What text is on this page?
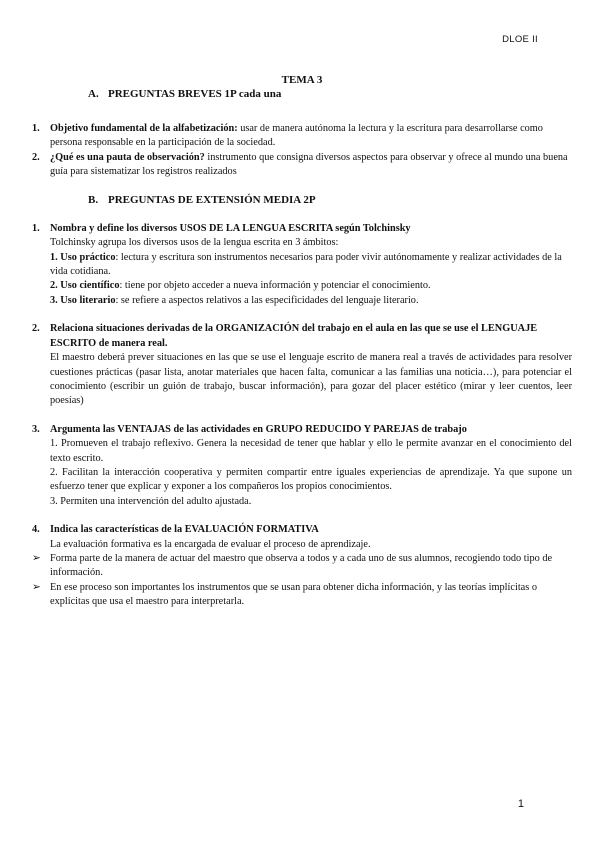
DLOE II
TEMA 3
A. PREGUNTAS BREVES 1P cada una
1. Objetivo fundamental de la alfabetización: usar de manera autónoma la lectura y la escritura para desarrollarse como persona responsable en la participación de la sociedad.
2. ¿Qué es una pauta de observación? instrumento que consigna diversos aspectos para observar y ofrece al mundo una buena guía para sistematizar los registros realizados
B. PREGUNTAS DE EXTENSIÓN MEDIA 2P
1. Nombra y define los diversos USOS DE LA LENGUA ESCRITA según Tolchinsky
Tolchinsky agrupa los diversos usos de la lengua escrita en 3 ámbitos:
1. Uso práctico: lectura y escritura son instrumentos necesarios para poder vivir autónomamente y realizar actividades de la vida cotidiana.
2. Uso científico: tiene por objeto acceder a nueva información y potenciar el conocimiento.
3. Uso literario: se refiere a aspectos relativos a las especificidades del lenguaje literario.
2. Relaciona situaciones derivadas de la ORGANIZACIÓN del trabajo en el aula en las que se use el LENGUAJE ESCRITO de manera real.
El maestro deberá prever situaciones en las que se use el lenguaje escrito de manera real a través de actividades para resolver cuestiones prácticas (pasar lista, anotar materiales que hacen falta, comunicar a las familias una noticia…), para potenciar el conocimiento (escribir un guión de trabajo, buscar información), para gozar del placer estético (mirar y leer cuentos, leer poesías)
3. Argumenta las VENTAJAS de las actividades en GRUPO REDUCIDO Y PAREJAS de trabajo
1. Promueven el trabajo reflexivo. Genera la necesidad de tener que hablar y ello le permite avanzar en el conocimiento del texto escrito.
2. Facilitan la interacción cooperativa y permiten compartir entre iguales experiencias de aprendizaje. Ya que supone un esfuerzo tener que explicar y exponer a los compañeros los propios conocimientos.
3. Permiten una intervención del adulto ajustada.
4. Indica las características de la EVALUACIÓN FORMATIVA
La evaluación formativa es la encargada de evaluar el proceso de aprendizaje.
➢ Forma parte de la manera de actuar del maestro que observa a todos y a cada uno de sus alumnos, recogiendo todo tipo de información.
➢ En ese proceso son importantes los instrumentos que se usan para obtener dicha información, y las teorías implícitas o explícitas que usa el maestro para interpretarla.
1
